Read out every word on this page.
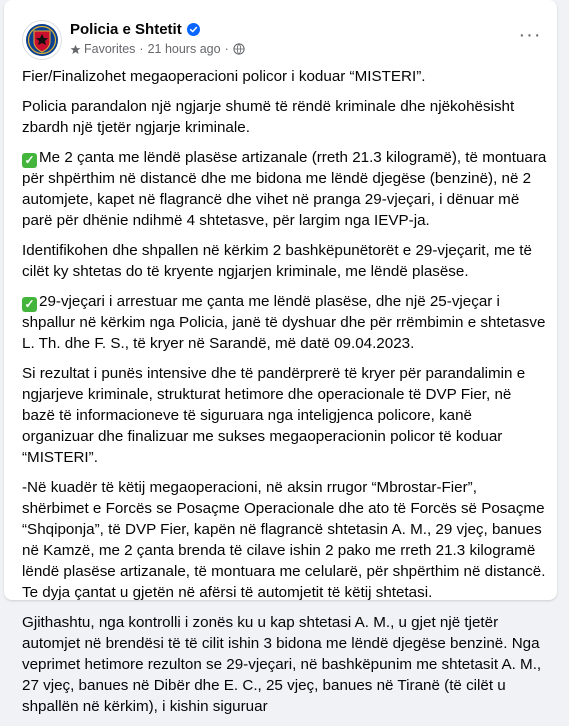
Policia e Shtetit
Favorites · 21 hours ago ·
···

Fier/Finalizohet megaoperacioni policor i koduar “MISTERI”.

Policia parandalon një ngjarje shumë të rëndë kriminale dhe njëkohësisht zbardh një tjetër ngjarje kriminale.

✓ Me 2 çanta me lëndë plasëse artizanale (rreth 21.3 kilogramë), të montuara për shpërthim në distancë dhe me bidona me lëndë djegëse (benzinë), në 2 automjete, kapet në flagrancë dhe vihet në pranga 29-vjeçari, i dënuar më parë për dhënie ndihmë 4 shtetasve, për largim nga IEVP-ja.

Identifikohen dhe shpallen në kërkim 2 bashkëpunëtorët e 29-vjeçarit, me të cilët ky shtetas do të kryente ngjarjen kriminale, me lëndë plasëse.

✓ 29-vjeçari i arrestuar me çanta me lëndë plasëse, dhe një 25-vjeçar i shpallur në kërkim nga Policia, janë të dyshuar dhe për rrëmbimin e shtetasve L. Th. dhe F. S., të kryer në Sarandë, më datë 09.04.2023.

Si rezultat i punës intensive dhe të pandërprerë të kryer për parandalimin e ngjarjeve kriminale, strukturat hetimore dhe operacionale të DVP Fier, në bazë të informacioneve të siguruara nga inteligjenca policore, kanë organizuar dhe finalizuar me sukses megaoperacionin policor të koduar “MISTERI”.

-Në kuadër të këtij megaoperacioni, në aksin rrugor “Mbrostar-Fier”, shërbimet e Forcës se Posaçme Operacionale dhe ato të Forcës së Posaçme “Shqiponja”, të DVP Fier, kapën në flagrancë shtetasin A. M., 29 vjeç, banues në Kamzë, me 2 çanta brenda të cilave ishin 2 pako me rreth 21.3 kilogramë lëndë plasëse artizanale, të montuara me celularë, për shpërthim në distancë. Te dyja çantat u gjetën në afërsi të automjetit të këtij shtetasi.

Gjithashtu, nga kontrolli i zonës ku u kap shtetasi A. M., u gjet një tjetër automjet në brendësi të të cilit ishin 3 bidona me lëndë djegëse benzinë. Nga veprimet hetimore rezulton se 29-vjeçari, në bashkëpunim me shtetasit A. M., 27 vjeç, banues në Dibër dhe E. C., 25 vjeç, banues në Tiranë (të cilët u shpallën në kërkim), i kishin siguruar
